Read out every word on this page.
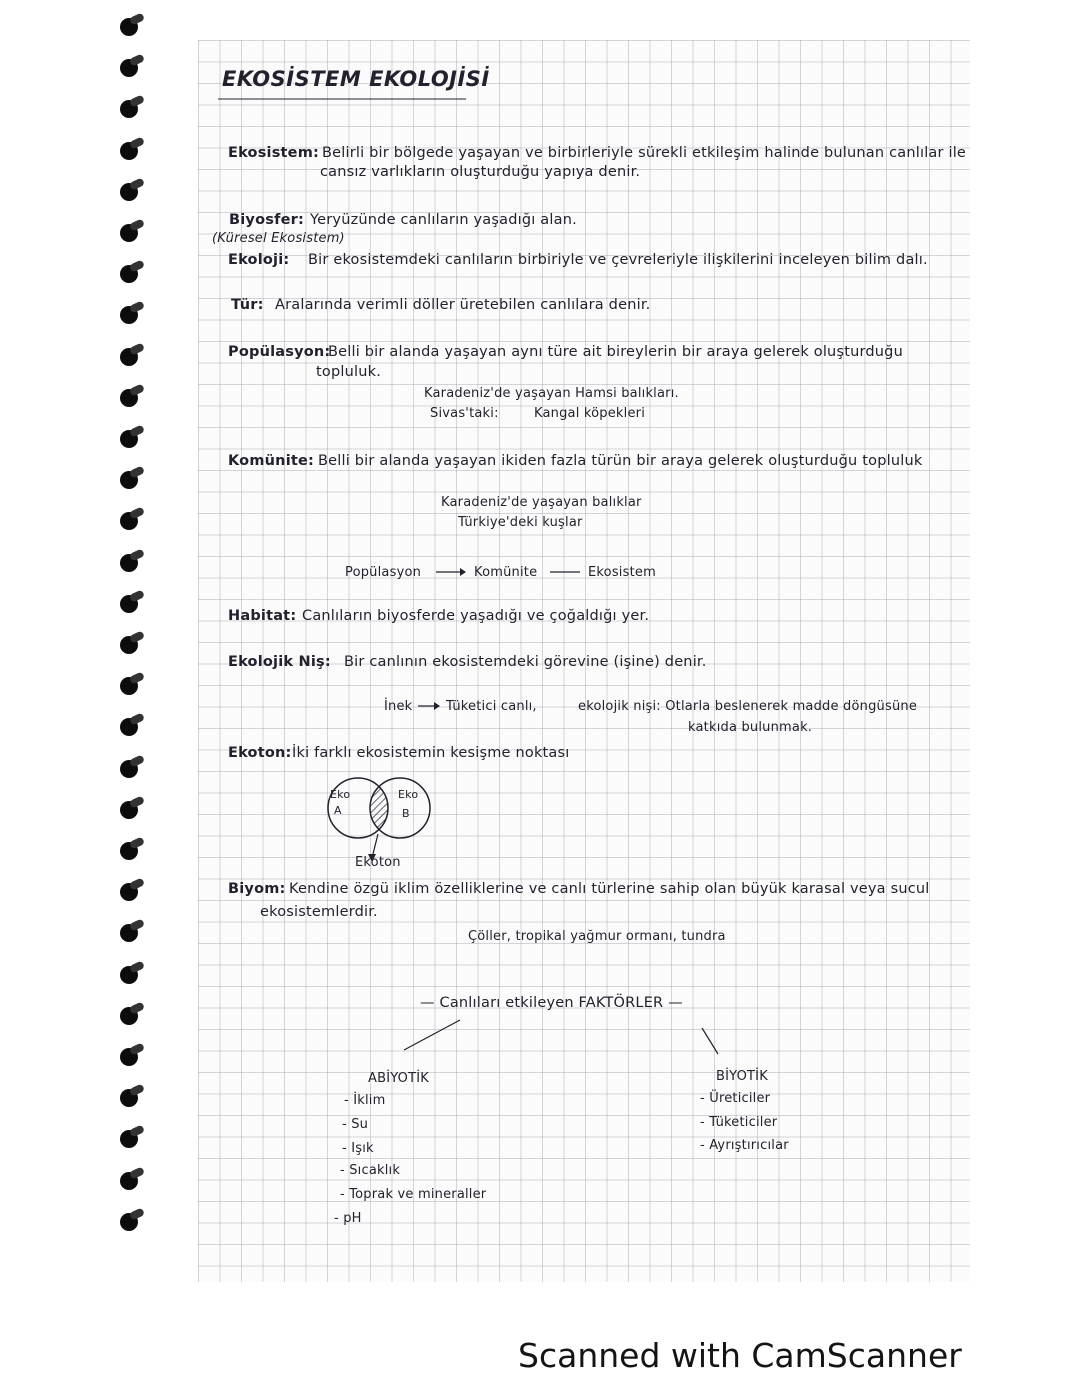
EKOSİSTEM EKOLOJİSİ
Ekosistem: Belirli bir bölgede yaşayan ve birbirleriyle sürekli etkileşim halinde bulunan canlılar ile
cansız varlıkların oluşturduğu yapıya denir.
Biyosfer: Yeryüzünde canlıların yaşadığı alan.
(Küresel Ekosistem)
Ekoloji: Bir ekosistemdeki canlıların birbiriyle ve çevreleriyle ilişkilerini inceleyen bilim dalı.
Tür: Aralarında verimli döller üretebilen canlılara denir.
Popülasyon:
Belli bir alanda yaşayan aynı türe ait bireylerin bir araya gelerek oluşturduğu
topluluk.
Karadeniz'de yaşayan Hamsi balıkları.
Sivas'taki:	Kangal köpekleri
Komünite: Belli bir alanda yaşayan ikiden fazla türün bir araya gelerek oluşturduğu topluluk
Karadeniz'de yaşayan balıklar
Türkiye'deki kuşlar
Popülasyon	Komünite	Ekosistem
Habitat: Canlıların biyosferde yaşadığı ve çoğaldığı yer.
Ekolojik Niş: Bir canlının ekosistemdeki görevine (işine) denir.
İnek	Tüketici canlı,	ekolojik nişi: Otlarla beslenerek madde döngüsüne
katkıda bulunmak.
Ekoton: İki farklı ekosistemin kesişme noktası
Eko
A
Eko
B
Ekoton
Biyom: Kendine özgü iklim özelliklerine ve canlı türlerine sahip olan büyük karasal veya sucul
ekosistemlerdir.
Çöller, tropikal yağmur ormanı, tundra
— Canlıları etkileyen FAKTÖRLER —
ABİYOTİK
- İklim
- Su
- Işık
- Sıcaklık
- Toprak ve mineraller
- pH
BİYOTİK
- Üreticiler
- Tüketiciler
- Ayrıştırıcılar
Scanned with CamScanner
